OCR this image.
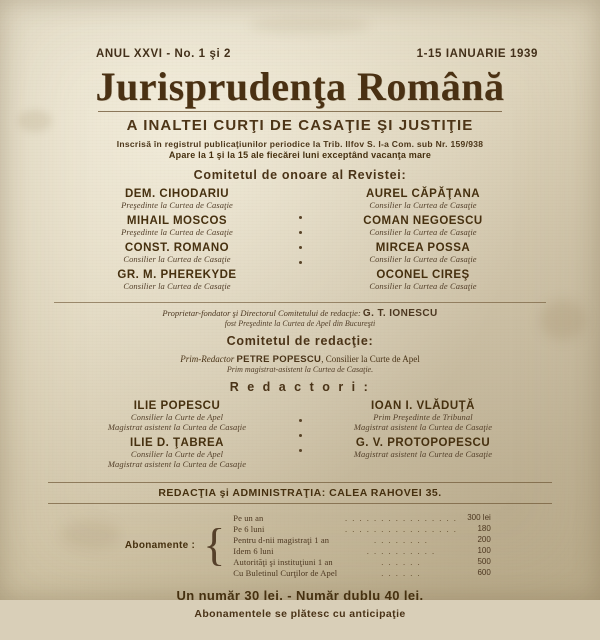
ANUL XXVI - No. 1 şi 2	1-15 IANUARIE 1939
Jurisprudenţa Română
A INALTEI CURŢI DE CASAŢIE ŞI JUSTIŢIE
Inscrisă în registrul publicaţiunilor periodice la Trib. Ilfov S. I-a Com. sub Nr. 159/938
Apare la 1 şi la 15 ale fiecărei luni exceptând vacanţa mare
Comitetul de onoare al Revistei:
DEM. CIHODARIU
Preşedinte la Curtea de Casaţie
MIHAIL MOSCOS
Preşedinte la Curtea de Casaţie
CONST. ROMANO
Consilier la Curtea de Casaţie
GR. M. PHEREKYDE
Consilier la Curtea de Casaţie
AUREL CĂPĂŢANA
Consilier la Curtea de Casaţie
COMAN NEGOESCU
Consilier la Curtea de Casaţie
MIRCEA POSSA
Consilier la Curtea de Casaţie
OCONEL CIREŞ
Consilier la Curtea de Casaţie
Proprietar-fondator şi Directorul Comitetului de redacţie: G. T. IONESCU
fost Preşedinte la Curtea de Apel din Bucureşti
Comitetul de redacţie:
Prim-Redactor PETRE POPESCU, Consilier la Curte de Apel
Prim magistrat-asistent la Curtea de Casaţie.
R e d a c t o r i :
ILIE POPESCU
Consilier la Curte de Apel
Magistrat asistent la Curtea de Casaţie
ILIE D. ŢABREA
Consilier la Curte de Apel
Magistrat asistent la Curtea de Casaţie
IOAN I. VLĂDUŢĂ
Prim Preşedinte de Tribunal
Magistrat asistent la Curtea de Casaţie
G. V. PROTOPOPESCU
Magistrat asistent la Curtea de Casaţie
REDACŢIA şi ADMINISTRAŢIA: CALEA RAHOVEI 35.
Abonamente : {
Pe un an	. . . . . . . . . . . . . . . .	300 lei
Pe 6 luni	. . . . . . . . . . . . . . . .	180
Pentru d-nii magistraţi 1 an	. . . . . . . .	200
Idem 6 luni	. . . . . . . . . .	100
Autorităţi şi instituţiuni 1 an	. . . . . .	500
Cu Buletinul Curţilor de Apel	. . . . . .	600
Un număr 30 lei. - Număr dublu 40 lei.
Abonamentele se plătesc cu anticipaţie
